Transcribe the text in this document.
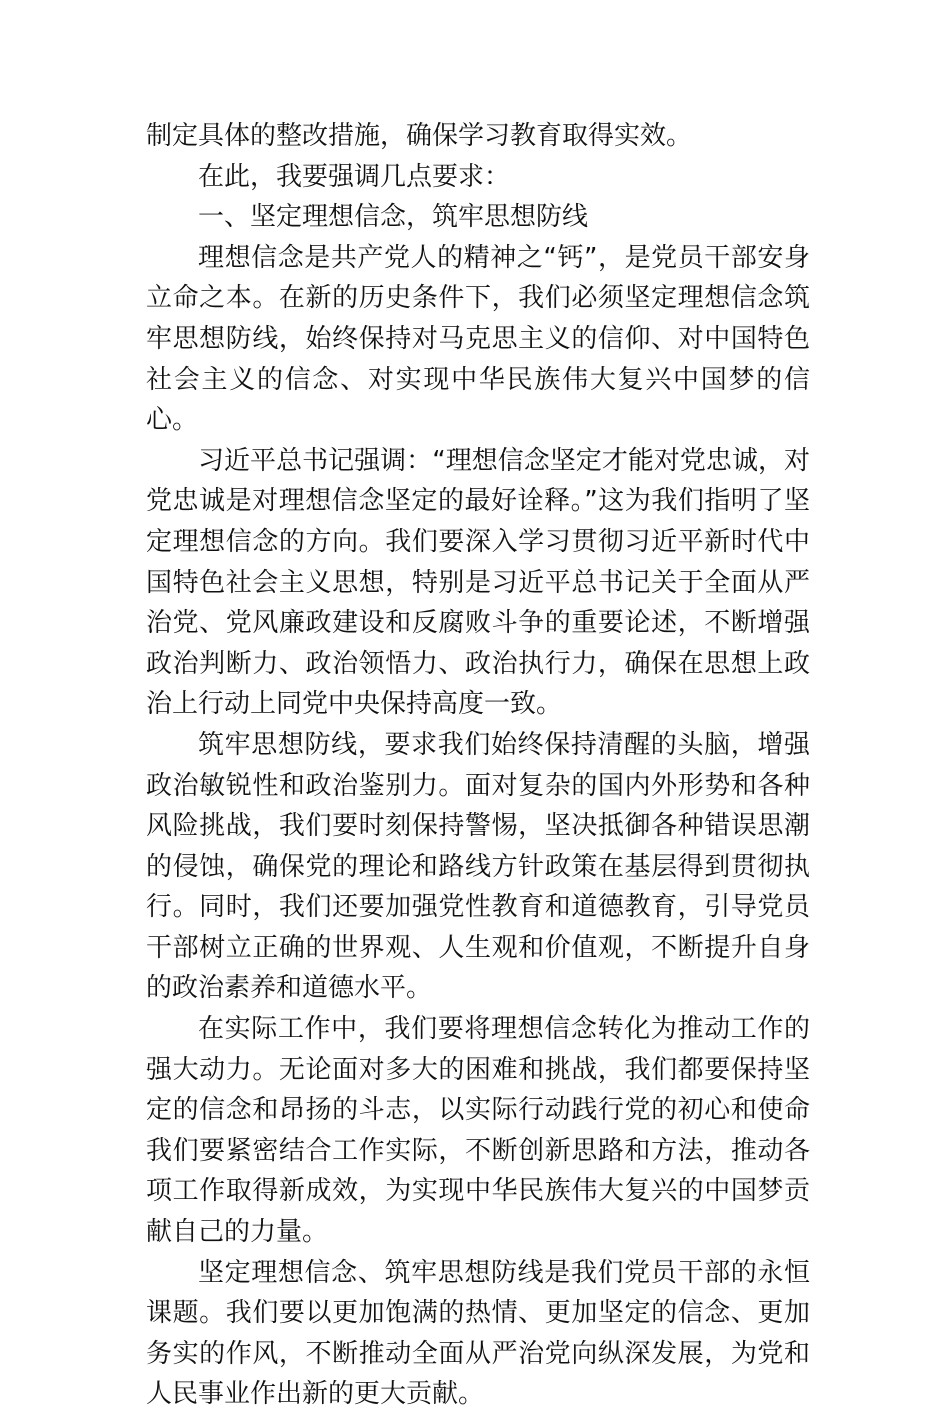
制定具体的整改措施，确保学习教育取得实效。

在此，我要强调几点要求：

一、坚定理想信念，筑牢思想防线

理想信念是共产党人的精神之“钙”，是党员干部安身立命之本。在新的历史条件下，我们必须坚定理想信念筑牢思想防线，始终保持对马克思主义的信仰、对中国特色社会主义的信念、对实现中华民族伟大复兴中国梦的信心。

习近平总书记强调：“理想信念坚定才能对党忠诚，对党忠诚是对理想信念坚定的最好诠释。”这为我们指明了坚定理想信念的方向。我们要深入学习贯彻习近平新时代中国特色社会主义思想，特别是习近平总书记关于全面从严治党、党风廉政建设和反腐败斗争的重要论述，不断增强政治判断力、政治领悟力、政治执行力，确保在思想上政治上行动上同党中央保持高度一致。

筑牢思想防线，要求我们始终保持清醒的头脑，增强政治敏锐性和政治鉴别力。面对复杂的国内外形势和各种风险挑战，我们要时刻保持警惕，坚决抵御各种错误思潮的侵蚀，确保党的理论和路线方针政策在基层得到贯彻执行。同时，我们还要加强党性教育和道德教育，引导党员干部树立正确的世界观、人生观和价值观，不断提升自身的政治素养和道德水平。

在实际工作中，我们要将理想信念转化为推动工作的强大动力。无论面对多大的困难和挑战，我们都要保持坚定的信念和昂扬的斗志，以实际行动践行党的初心和使命我们要紧密结合工作实际，不断创新思路和方法，推动各项工作取得新成效，为实现中华民族伟大复兴的中国梦贡献自己的力量。

坚定理想信念、筑牢思想防线是我们党员干部的永恒课题。我们要以更加饱满的热情、更加坚定的信念、更加务实的作风，不断推动全面从严治党向纵深发展，为党和人民事业作出新的更大贡献。
